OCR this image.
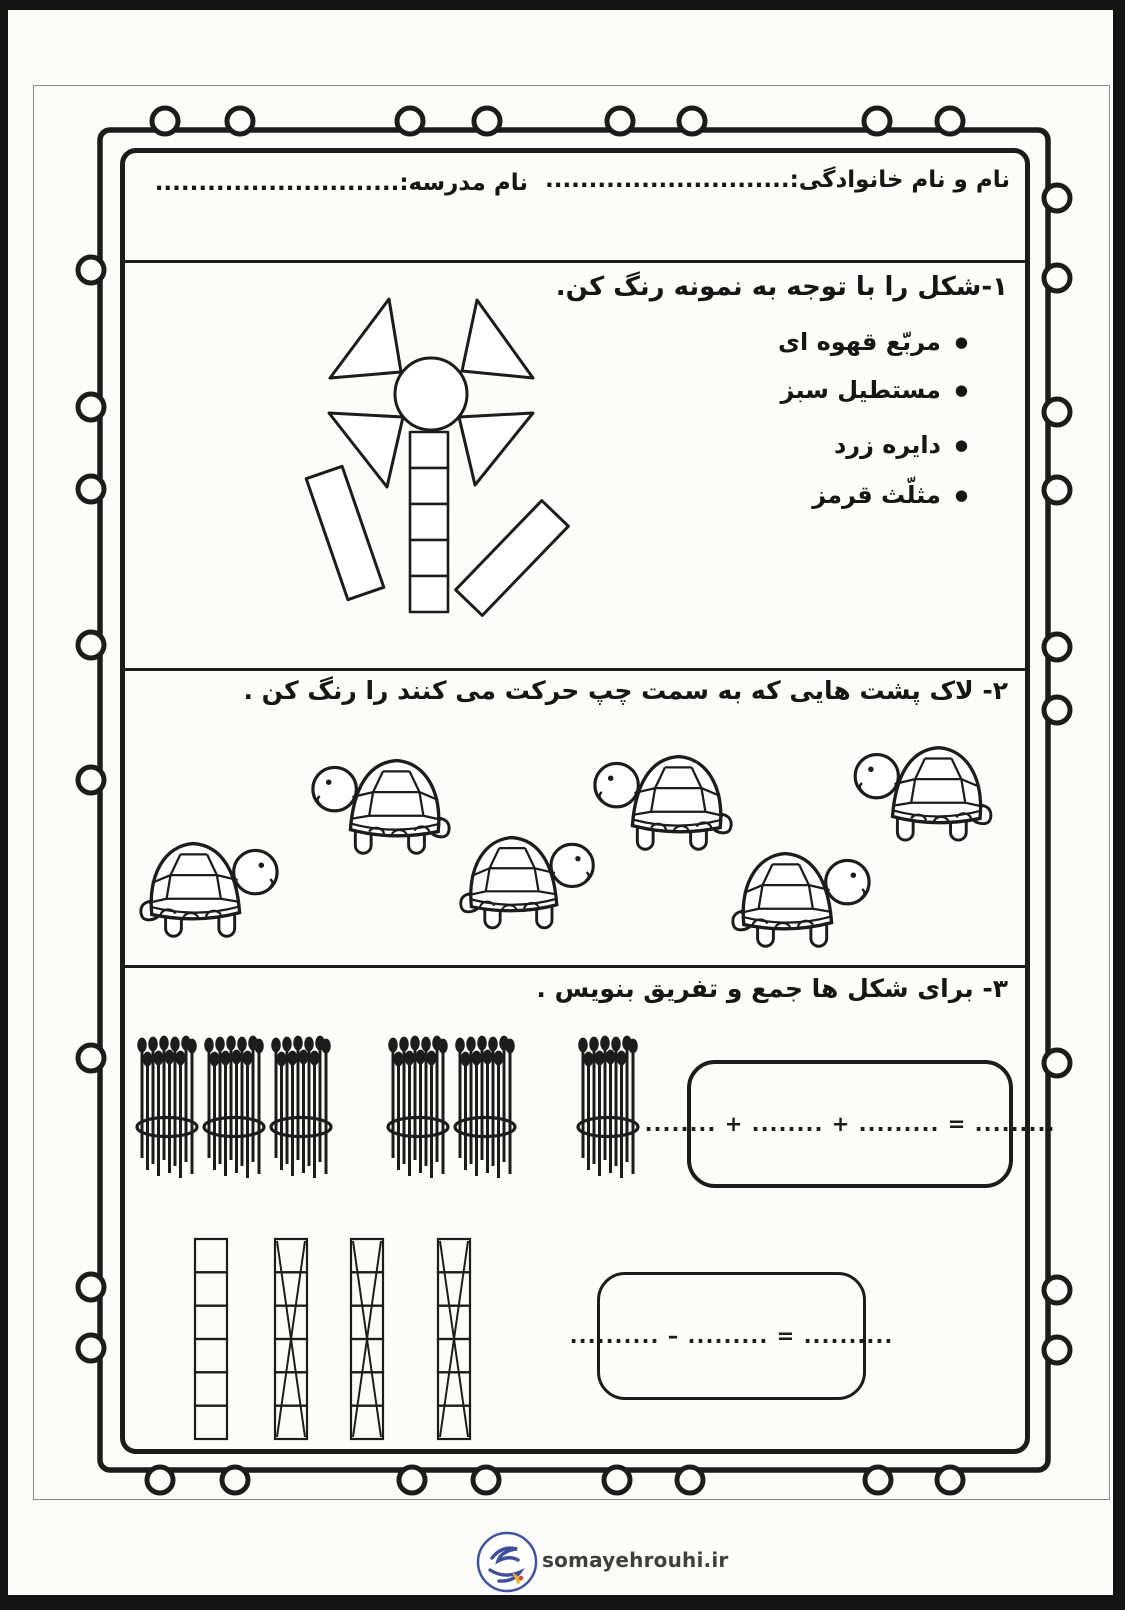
نام و نام خانوادگی:............................
نام مدرسه:............................
۱-شکل را با توجه به نمونه رنگ کن.
● مربّع قهوه ای
● مستطیل سبز
● دایره زرد
● مثلّث قرمز
۲- لاک پشت هایی که به سمت چپ حرکت می کنند را رنگ کن .
۳- برای شکل ها جمع و تفریق بنویس .
........ + ........ + ......... = .........
.......... – ......... = ..........
somayehrouhi.ir
